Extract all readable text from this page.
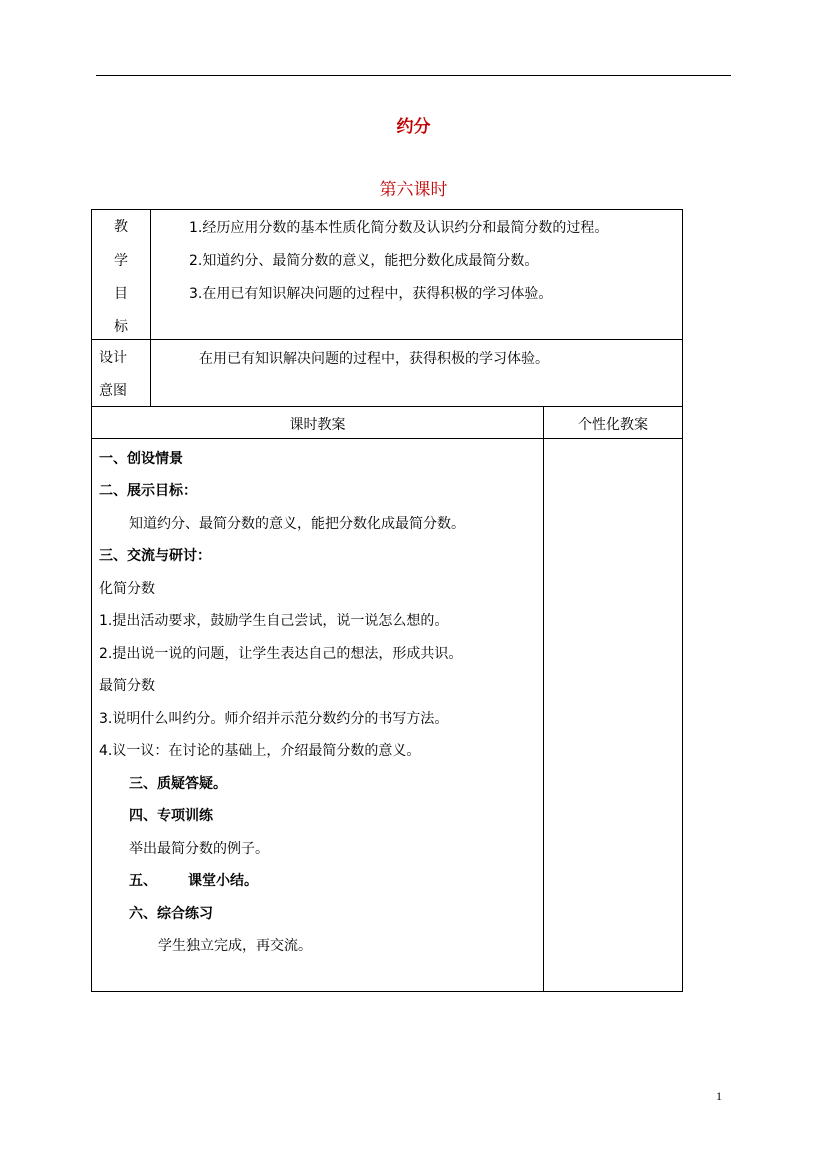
约分
第六课时
教
学
目
标
1.经历应用分数的基本性质化简分数及认识约分和最简分数的过程。
2.知道约分、最简分数的意义，能把分数化成最简分数。
3.在用已有知识解决问题的过程中，获得积极的学习体验。
设计
意图
在用已有知识解决问题的过程中，获得积极的学习体验。
课时教案	个性化教案
一、创设情景
二、展示目标：
知道约分、最简分数的意义，能把分数化成最简分数。
三、交流与研讨：
化简分数
1.提出活动要求，鼓励学生自己尝试，说一说怎么想的。
2.提出说一说的问题，让学生表达自己的想法，形成共识。
最简分数
3.说明什么叫约分。师介绍并示范分数约分的书写方法。
4.议一议：在讨论的基础上，介绍最简分数的意义。
三、质疑答疑。
四、专项训练
举出最简分数的例子。
五、 课堂小结。
六、综合练习
学生独立完成，再交流。
1
